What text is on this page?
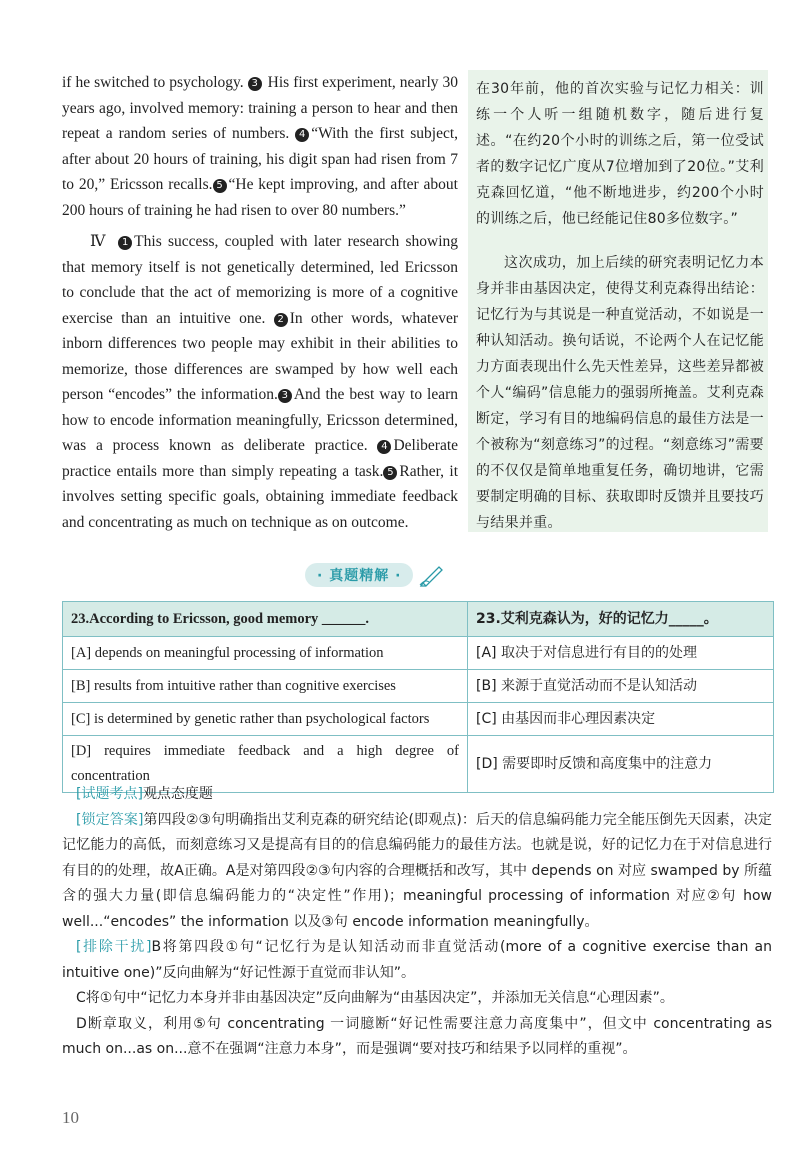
if he switched to psychology. 3 His first experiment, nearly 30 years ago, involved memory: training a person to hear and then repeat a random series of numbers. 4 “With the first subject, after about 20 hours of training, his digit span had risen from 7 to 20,” Ericsson recalls. 5 “He kept improving, and after about 200 hours of training he had risen to over 80 numbers.”

Ⅳ 1 This success, coupled with later research showing that memory itself is not genetically determined, led Ericsson to conclude that the act of memorizing is more of a cognitive exercise than an intuitive one. 2 In other words, whatever inborn differences two people may exhibit in their abilities to memorize, those differences are swamped by how well each person “encodes” the information. 3 And the best way to learn how to encode information meaningfully, Ericsson determined, was a process known as deliberate practice. 4 Deliberate practice entails more than simply repeating a task. 5 Rather, it involves setting specific goals, obtaining immediate feedback and concentrating as much on technique as on outcome.

在30年前，他的首次实验与记忆力相关：训练一个人听一组随机数字，随后进行复述。“在约20个小时的训练之后，第一位受试者的数字记忆广度从7位增加到了20位。”艾利克森回忆道，“他不断地进步，约200个小时的训练之后，他已经能记住80多位数字。”

这次成功，加上后续的研究表明记忆力本身并非由基因决定，使得艾利克森得出结论：记忆行为与其说是一种直觉活动，不如说是一种认知活动。换句话说，不论两个人在记忆能力方面表现出什么先天性差异，这些差异都被个人“编码”信息能力的强弱所掩盖。艾利克森断定，学习有目的地编码信息的最佳方法是一个被称为“刻意练习”的过程。“刻意练习”需要的不仅仅是简单地重复任务，确切地讲，它需要制定明确的目标、获取即时反馈并且要技巧与结果并重。

· 真题精解 ·
23.According to Ericsson, good memory ______.	23.艾利克森认为，好的记忆力_____。
[A] depends on meaningful processing of information	[A] 取决于对信息进行有目的的处理
[B] results from intuitive rather than cognitive exercises	[B] 来源于直觉活动而不是认知活动
[C] is determined by genetic rather than psychological factors	[C] 由基因而非心理因素决定
[D] requires immediate feedback and a high degree of concentration	[D] 需要即时反馈和高度集中的注意力

[试题考点]观点态度题

[锁定答案]第四段②③句明确指出艾利克森的研究结论(即观点)：后天的信息编码能力完全能压倒先天因素，决定记忆能力的高低，而刻意练习又是提高有目的的信息编码能力的最佳方法。也就是说，好的记忆力在于对信息进行有目的的处理，故A正确。A是对第四段②③句内容的合理概括和改写，其中 depends on 对应 swamped by 所蕴含的强大力量(即信息编码能力的“决定性”作用)；meaningful processing of information 对应②句 how well...“encodes” the information 以及③句 encode information meaningfully。

[排除干扰]B将第四段①句“记忆行为是认知活动而非直觉活动(more of a cognitive exercise than an intuitive one)”反向曲解为“好记性源于直觉而非认知”。

C将①句中“记忆力本身并非由基因决定”反向曲解为“由基因决定”，并添加无关信息“心理因素”。

D断章取义，利用⑤句 concentrating 一词臆断“好记性需要注意力高度集中”，但文中 concentrating as much on...as on...意不在强调“注意力本身”，而是强调“要对技巧和结果予以同样的重视”。

10
